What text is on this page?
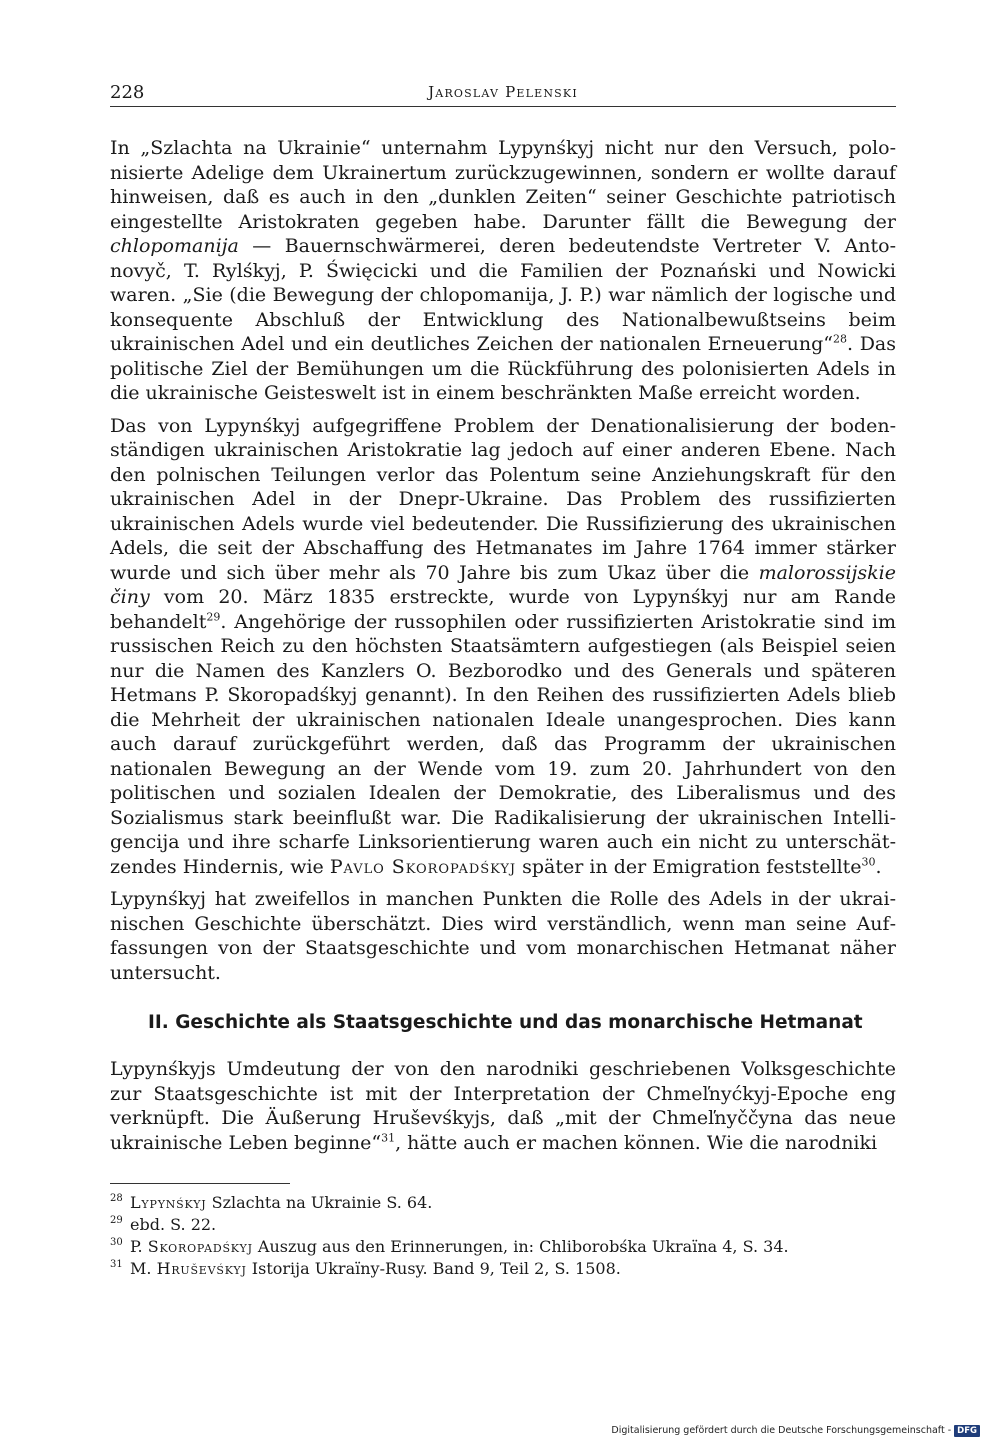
228	Jaroslav Pelenski

In „Szlachta na Ukrainie“ unternahm Lypynśkyj nicht nur den Versuch, polonisierte Adelige dem Ukrainertum zurückzugewinnen, sondern er wollte darauf hinweisen, daß es auch in den „dunklen Zeiten“ seiner Geschichte patriotisch eingestellte Aristokraten gegeben habe. Darunter fällt die Bewegung der chlopomanija — Bauernschwärmerei, deren bedeutendste Vertreter V. Antonovyč, T. Rylśkyj, P. Święcicki und die Familien der Poznański und Nowicki waren. „Sie (die Bewegung der chlopomanija, J. P.) war nämlich der logische und konsequente Abschluß der Entwicklung des Nationalbewußtseins beim ukrainischen Adel und ein deutliches Zeichen der nationalen Erneuerung“$^{28}$. Das politische Ziel der Bemühungen um die Rückführung des polonisierten Adels in die ukrainische Geisteswelt ist in einem beschränkten Maße erreicht worden.

Das von Lypynśkyj aufgegriffene Problem der Denationalisierung der bodenständigen ukrainischen Aristokratie lag jedoch auf einer anderen Ebene. Nach den polnischen Teilungen verlor das Polentum seine Anziehungskraft für den ukrainischen Adel in der Dnepr-Ukraine. Das Problem des russifizierten ukrainischen Adels wurde viel bedeutender. Die Russifizierung des ukrainischen Adels, die seit der Abschaffung des Hetmanates im Jahre 1764 immer stärker wurde und sich über mehr als 70 Jahre bis zum Ukaz über die malorossijskie činy vom 20. März 1835 erstreckte, wurde von Lypynśkyj nur am Rande behandelt$^{29}$. Angehörige der russophilen oder russifizierten Aristokratie sind im russischen Reich zu den höchsten Staatsämtern aufgestiegen (als Beispiel seien nur die Namen des Kanzlers O. Bezborodko und des Generals und späteren Hetmans P. Skoropadśkyj genannt). In den Reihen des russifizierten Adels blieb die Mehrheit der ukrainischen nationalen Ideale unangesprochen. Dies kann auch darauf zurückgeführt werden, daß das Programm der ukrainischen nationalen Bewegung an der Wende vom 19. zum 20. Jahrhundert von den politischen und sozialen Idealen der Demokratie, des Liberalismus und des Sozialismus stark beeinflußt war. Die Radikalisierung der ukrainischen Intelligencija und ihre scharfe Linksorientierung waren auch ein nicht zu unterschätzendes Hindernis, wie Pavlo Skoropadśkyj später in der Emigration feststellte$^{30}$.

Lypynśkyj hat zweifellos in manchen Punkten die Rolle des Adels in der ukrainischen Geschichte überschätzt. Dies wird verständlich, wenn man seine Auffassungen von der Staatsgeschichte und vom monarchischen Hetmanat näher untersucht.

II. Geschichte als Staatsgeschichte und das monarchische Hetmanat

Lypynśkyjs Umdeutung der von den narodniki geschriebenen Volksgeschichte zur Staatsgeschichte ist mit der Interpretation der Chmeľnyćkyj-Epoche eng verknüpft. Die Äußerung Hruševśkyjs, daß „mit der Chmeľnyččyna das neue ukrainische Leben beginne“$^{31}$, hätte auch er machen können. Wie die narodniki

28 Lypynśkyj Szlachta na Ukrainie S. 64.

29 ebd. S. 22.

30 P. Skoropadśkyj Auszug aus den Erinnerungen, in: Chliborobśka Ukraïna 4, S. 34.

31 M. Hruševśkyj Istorija Ukraïny-Rusy. Band 9, Teil 2, S. 1508.

Digitalisierung gefördert durch die Deutsche Forschungsgemeinschaft - DFG
